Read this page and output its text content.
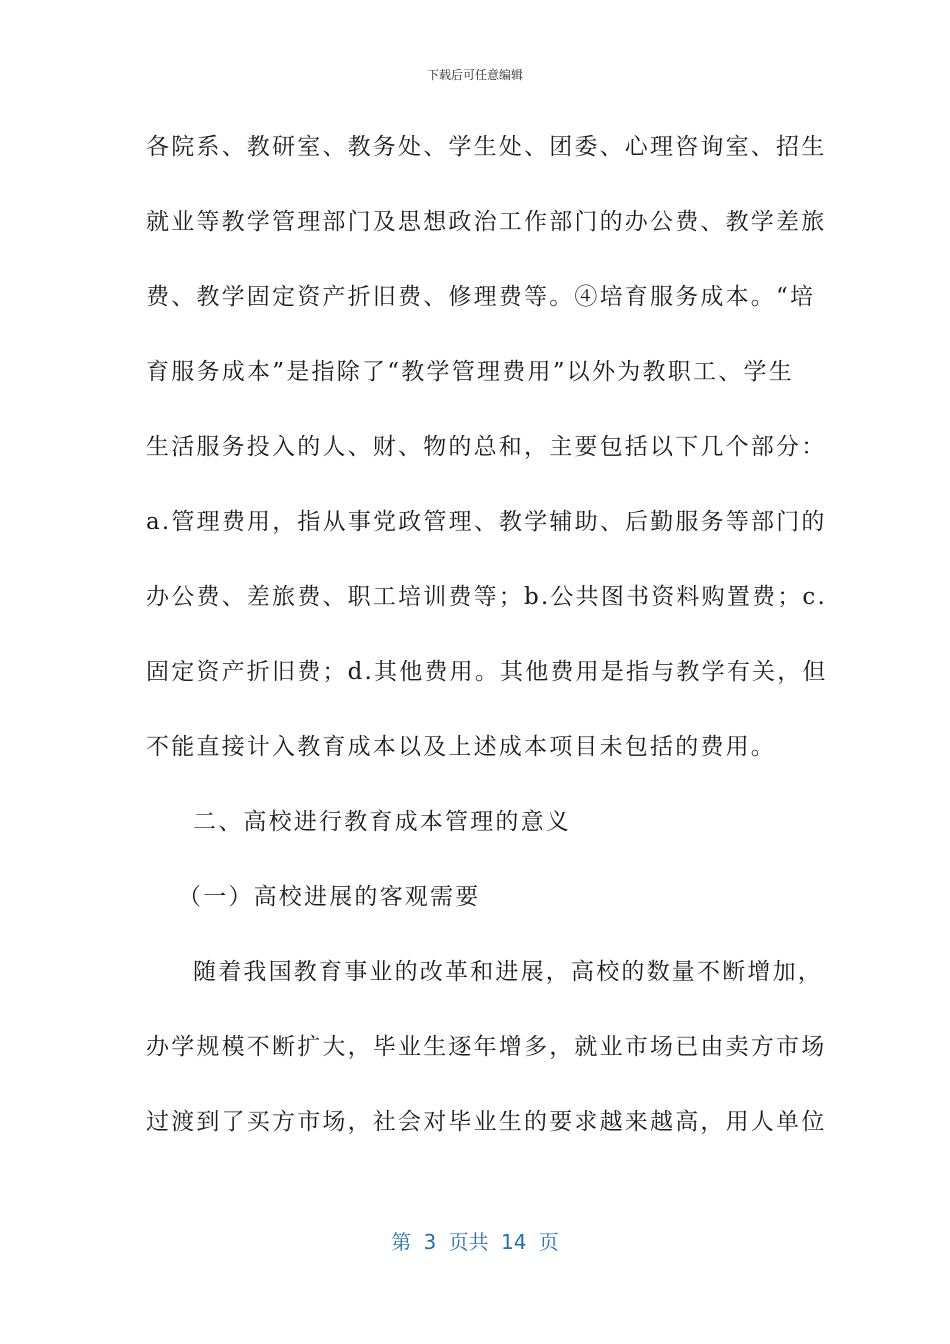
下载后可任意编辑
各院系、教研室、教务处、学生处、团委、心理咨询室、招生
就业等教学管理部门及思想政治工作部门的办公费、教学差旅
费、教学固定资产折旧费、修理费等。④培育服务成本。“培
育服务成本”是指除了“教学管理费用”以外为教职工、学生
生活服务投入的人、财、物的总和，主要包括以下几个部分：
a.管理费用，指从事党政管理、教学辅助、后勤服务等部门的
办公费、差旅费、职工培训费等；b.公共图书资料购置费；c.
固定资产折旧费；d.其他费用。其他费用是指与教学有关，但
不能直接计入教育成本以及上述成本项目未包括的费用。
二、高校进行教育成本管理的意义
（一）高校进展的客观需要
随着我国教育事业的改革和进展，高校的数量不断增加，
办学规模不断扩大，毕业生逐年增多，就业市场已由卖方市场
过渡到了买方市场，社会对毕业生的要求越来越高，用人单位
第 3 页共 14 页
